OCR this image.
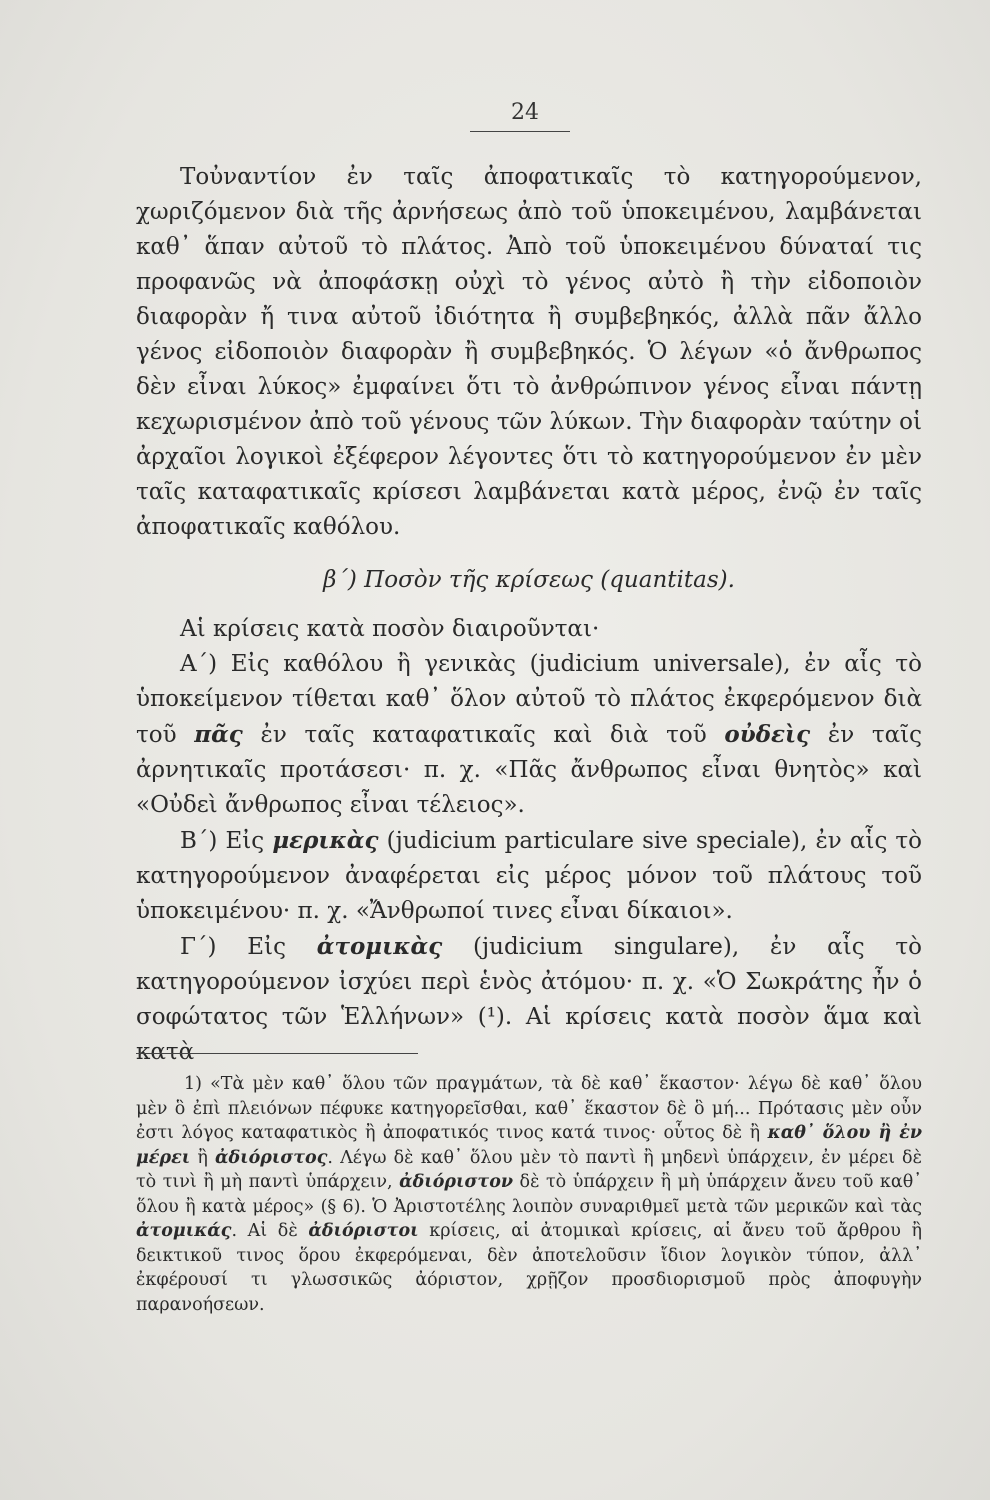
24

Τοὐναντίον ἐν ταῖς ἀποφατικαῖς τὸ κατηγορούμενον, χωριζόμενον διὰ τῆς ἀρνήσεως ἀπὸ τοῦ ὑποκειμένου, λαμβάνεται καθ᾽ ἅπαν αὐτοῦ τὸ πλάτος. Ἀπὸ τοῦ ὑποκειμένου δύναταί τις προφανῶς νὰ ἀποφάσκῃ οὐχὶ τὸ γένος αὐτὸ ἢ τὴν εἰδοποιὸν διαφορὰν ἤ τινα αὐτοῦ ἰδιότητα ἢ συμβεβηκός, ἀλλὰ πᾶν ἄλλο γένος εἰδοποιὸν διαφορὰν ἢ συμβεβηκός. Ὁ λέγων «ὁ ἄνθρωπος δὲν εἶναι λύκος» ἐμφαίνει ὅτι τὸ ἀνθρώπινον γένος εἶναι πάντῃ κεχωρισμένον ἀπὸ τοῦ γένους τῶν λύκων. Τὴν διαφορὰν ταύτην οἱ ἀρχαῖοι λογικοὶ ἐξέφερον λέγοντες ὅτι τὸ κατηγορούμενον ἐν μὲν ταῖς καταφατικαῖς κρίσεσι λαμβάνεται κατὰ μέρος, ἐνῷ ἐν ταῖς ἀποφατικαῖς καθόλου.

β΄) Ποσὸν τῆς κρίσεως (quantitas).

Αἱ κρίσεις κατὰ ποσὸν διαιροῦνται·

Α΄) Εἰς καθόλου ἢ γενικὰς (judicium universale), ἐν αἷς τὸ ὑποκείμενον τίθεται καθ᾽ ὅλον αὐτοῦ τὸ πλάτος ἐκφερόμενον διὰ τοῦ πᾶς ἐν ταῖς καταφατικαῖς καὶ διὰ τοῦ οὐδεὶς ἐν ταῖς ἀρνητικαῖς προτάσεσι· π. χ. «Πᾶς ἄνθρωπος εἶναι θνητὸς» καὶ «Οὐδεὶ ἄνθρωπος εἶναι τέλειος».

Β΄) Εἰς μερικὰς (judicium particulare sive speciale), ἐν αἷς τὸ κατηγορούμενον ἀναφέρεται εἰς μέρος μόνον τοῦ πλάτους τοῦ ὑποκειμένου· π. χ. «Ἄνθρωποί τινες εἶναι δίκαιοι».

Γ΄) Εἰς ἀτομικὰς (judicium singulare), ἐν αἷς τὸ κατηγορούμενον ἰσχύει περὶ ἑνὸς ἀτόμου· π. χ. «Ὁ Σωκράτης ἦν ὁ σοφώτατος τῶν Ἑλλήνων» (¹). Αἱ κρίσεις κατὰ ποσὸν ἅμα καὶ κατὰ

1) «Τὰ μὲν καθ᾽ ὅλου τῶν πραγμάτων, τὰ δὲ καθ᾽ ἕκαστον· λέγω δὲ καθ᾽ ὅλου μὲν ὃ ἐπὶ πλειόνων πέφυκε κατηγορεῖσθαι, καθ᾽ ἕκαστον δὲ ὃ μή... Πρότασις μὲν οὖν ἐστι λόγος καταφατικὸς ἢ ἀποφατικός τινος κατά τινος· οὗτος δὲ ἢ καθ᾽ ὅλου ἢ ἐν μέρει ἢ ἀδιόριστος. Λέγω δὲ καθ᾽ ὅλου μὲν τὸ παντὶ ἢ μηδενὶ ὑπάρχειν, ἐν μέρει δὲ τὸ τινὶ ἢ μὴ παντὶ ὑπάρχειν, ἀδιόριστον δὲ τὸ ὑπάρχειν ἢ μὴ ὑπάρχειν ἄνευ τοῦ καθ᾽ ὅλου ἢ κατὰ μέρος» (§ 6). Ὁ Ἀριστοτέλης λοιπὸν συναριθμεῖ μετὰ τῶν μερικῶν καὶ τὰς ἀτομικάς. Αἱ δὲ ἀδιόριστοι κρίσεις, αἱ ἀτομικαὶ κρίσεις, αἱ ἄνευ τοῦ ἄρθρου ἢ δεικτικοῦ τινος ὅρου ἐκφερόμεναι, δὲν ἀποτελοῦσιν ἴδιον λογικὸν τύπον, ἀλλ᾽ ἐκφέρουσί τι γλωσσικῶς ἀόριστον, χρῇζον προσδιορισμοῦ πρὸς ἀποφυγὴν παρανοήσεων.
